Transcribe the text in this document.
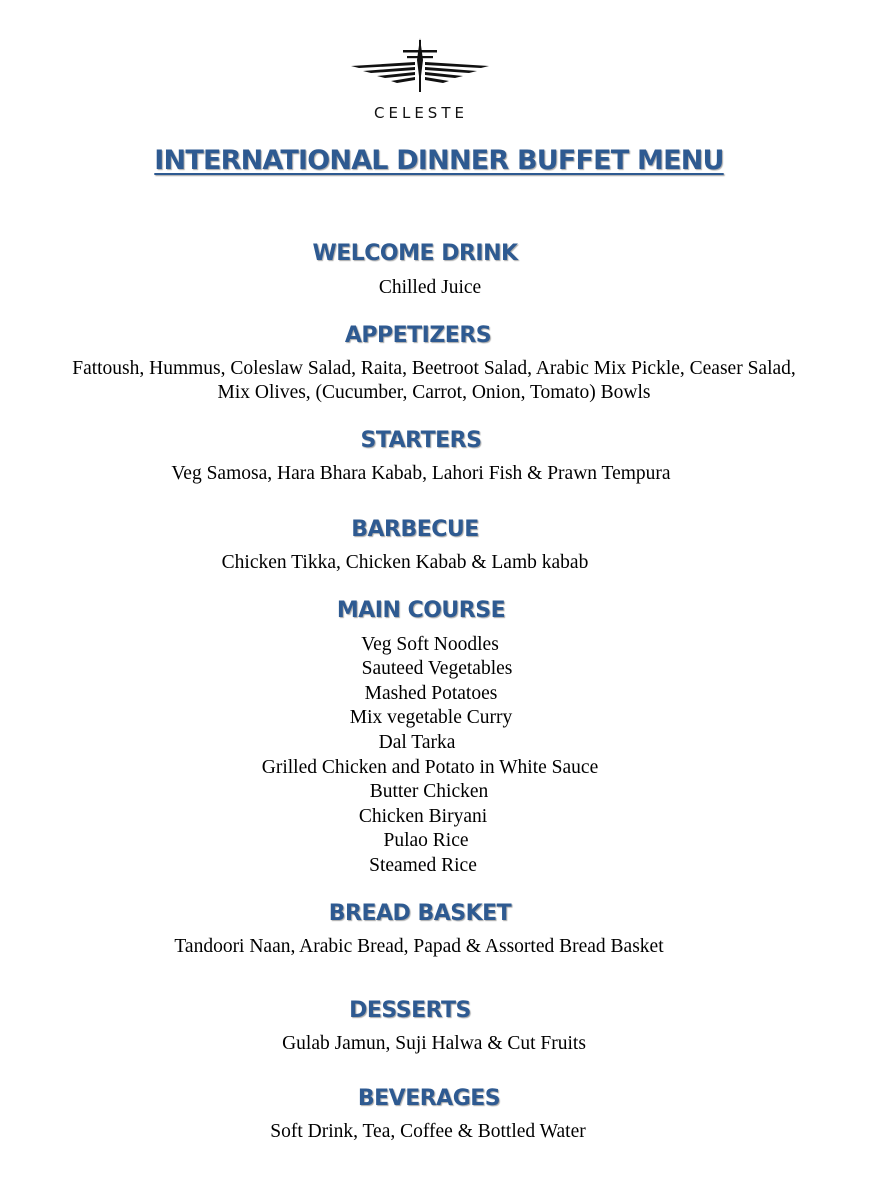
CELESTE
INTERNATIONAL DINNER BUFFET MENU
WELCOME DRINK
Chilled Juice
APPETIZERS
Fattoush, Hummus, Coleslaw Salad, Raita, Beetroot Salad, Arabic Mix Pickle, Ceaser Salad,
Mix Olives, (Cucumber, Carrot, Onion, Tomato) Bowls
STARTERS
Veg Samosa, Hara Bhara Kabab, Lahori Fish & Prawn Tempura
BARBECUE
Chicken Tikka, Chicken Kabab & Lamb kabab
MAIN COURSE
Veg Soft Noodles
Sauteed Vegetables
Mashed Potatoes
Mix vegetable Curry
Dal Tarka
Grilled Chicken and Potato in White Sauce
Butter Chicken
Chicken Biryani
Pulao Rice
Steamed Rice
BREAD BASKET
Tandoori Naan, Arabic Bread, Papad & Assorted Bread Basket
DESSERTS
Gulab Jamun, Suji Halwa & Cut Fruits
BEVERAGES
Soft Drink, Tea, Coffee & Bottled Water
